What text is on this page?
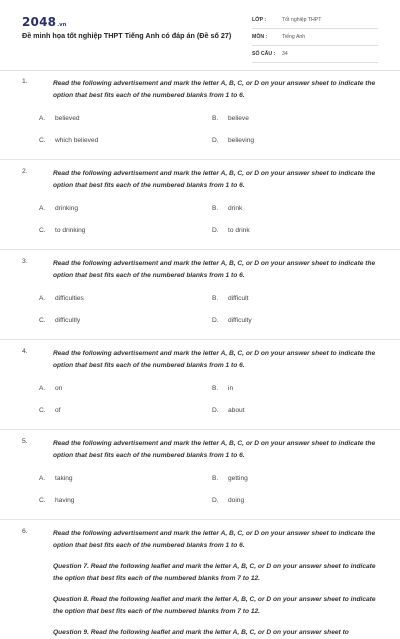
2048.vn
Đề minh họa tốt nghiệp THPT Tiếng Anh có đáp án (Đề số 27)
LỚP :	Tốt nghiệp THPT
MÔN :	Tiếng Anh
SỐ CÂU : 34
1.	Read the following advertisement and mark the letter A, B, C, or D on your answer sheet to indicate the option that best fits each of the numbered blanks from 1 to 6.
A. believed	B. believe
C. which believed	D. believing
2.	Read the following advertisement and mark the letter A, B, C, or D on your answer sheet to indicate the option that best fits each of the numbered blanks from 1 to 6.
A. drinking	B. drink
C. to drinking	D. to drink
3.	Read the following advertisement and mark the letter A, B, C, or D on your answer sheet to indicate the option that best fits each of the numbered blanks from 1 to 6.
A. difficulties	B. difficult
C. difficultly	D. difficulty
4.	Read the following advertisement and mark the letter A, B, C, or D on your answer sheet to indicate the option that best fits each of the numbered blanks from 1 to 6.
A. on	B. in
C. of	D. about
5.	Read the following advertisement and mark the letter A, B, C, or D on your answer sheet to indicate the option that best fits each of the numbered blanks from 1 to 6.
A. taking	B. getting
C. having	D. doing
6.	Read the following advertisement and mark the letter A, B, C, or D on your answer sheet to indicate the option that best fits each of the numbered blanks from 1 to 6.
Question 7. Read the following leaflet and mark the letter A, B, C, or D on your answer sheet to indicate the option that best fits each of the numbered blanks from 7 to 12.
Question 8. Read the following leaflet and mark the letter A, B, C, or D on your answer sheet to indicate the option that best fits each of the numbered blanks from 7 to 12.
Question 9. Read the following leaflet and mark the letter A, B, C, or D on your answer sheet to
